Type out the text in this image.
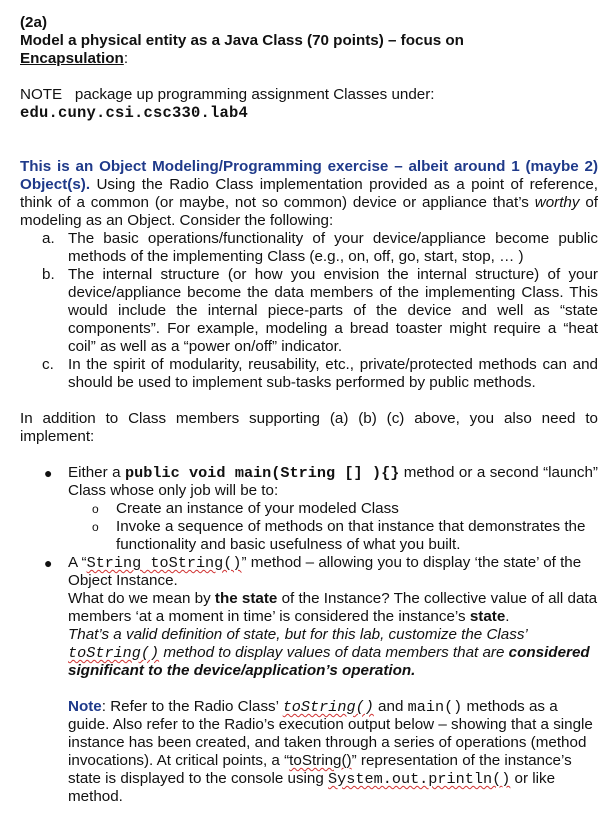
(2a)

Model a physical entity as a Java Class (70 points) – focus on
Encapsulation:

NOTE package up programming assignment Classes under:

edu.cuny.csi.csc330.lab4

This is an Object Modeling/Programming exercise – albeit around 1 (maybe 2) Object(s). Using the Radio Class implementation provided as a point of reference, think of a common (or maybe, not so common) device or appliance that’s worthy of modeling as an Object. Consider the following:

a. The basic operations/functionality of your device/appliance become public methods of the implementing Class (e.g., on, off, go, start, stop, … )
b. The internal structure (or how you envision the internal structure) of your device/appliance become the data members of the implementing Class. This would include the internal piece-parts of the device and well as “state components”. For example, modeling a bread toaster might require a “heat coil” as well as a “power on/off” indicator.
c. In the spirit of modularity, reusability, etc., private/protected methods can and should be used to implement sub-tasks performed by public methods.

In addition to Class members supporting (a) (b) (c) above, you also need to implement:

● Either a public void main(String [] ){} method or a second “launch” Class whose only job will be to:

o Create an instance of your modeled Class
o Invoke a sequence of methods on that instance that demonstrates the functionality and basic usefulness of what you built.
● A “String toString()” method – allowing you to display ‘the state’ of the Object Instance.

What do we mean by the state of the Instance? The collective value of all data members ‘at a moment in time’ is considered the instance’s state.

That’s a valid definition of state, but for this lab, customize the Class’ toString() method to display values of data members that are considered significant to the device/application’s operation.

Note: Refer to the Radio Class’ toString() and main() methods as a guide. Also refer to the Radio’s execution output below – showing that a single instance has been created, and taken through a series of operations (method invocations). At critical points, a “toString()” representation of the instance’s state is displayed to the console using System.out.println() or like method.
